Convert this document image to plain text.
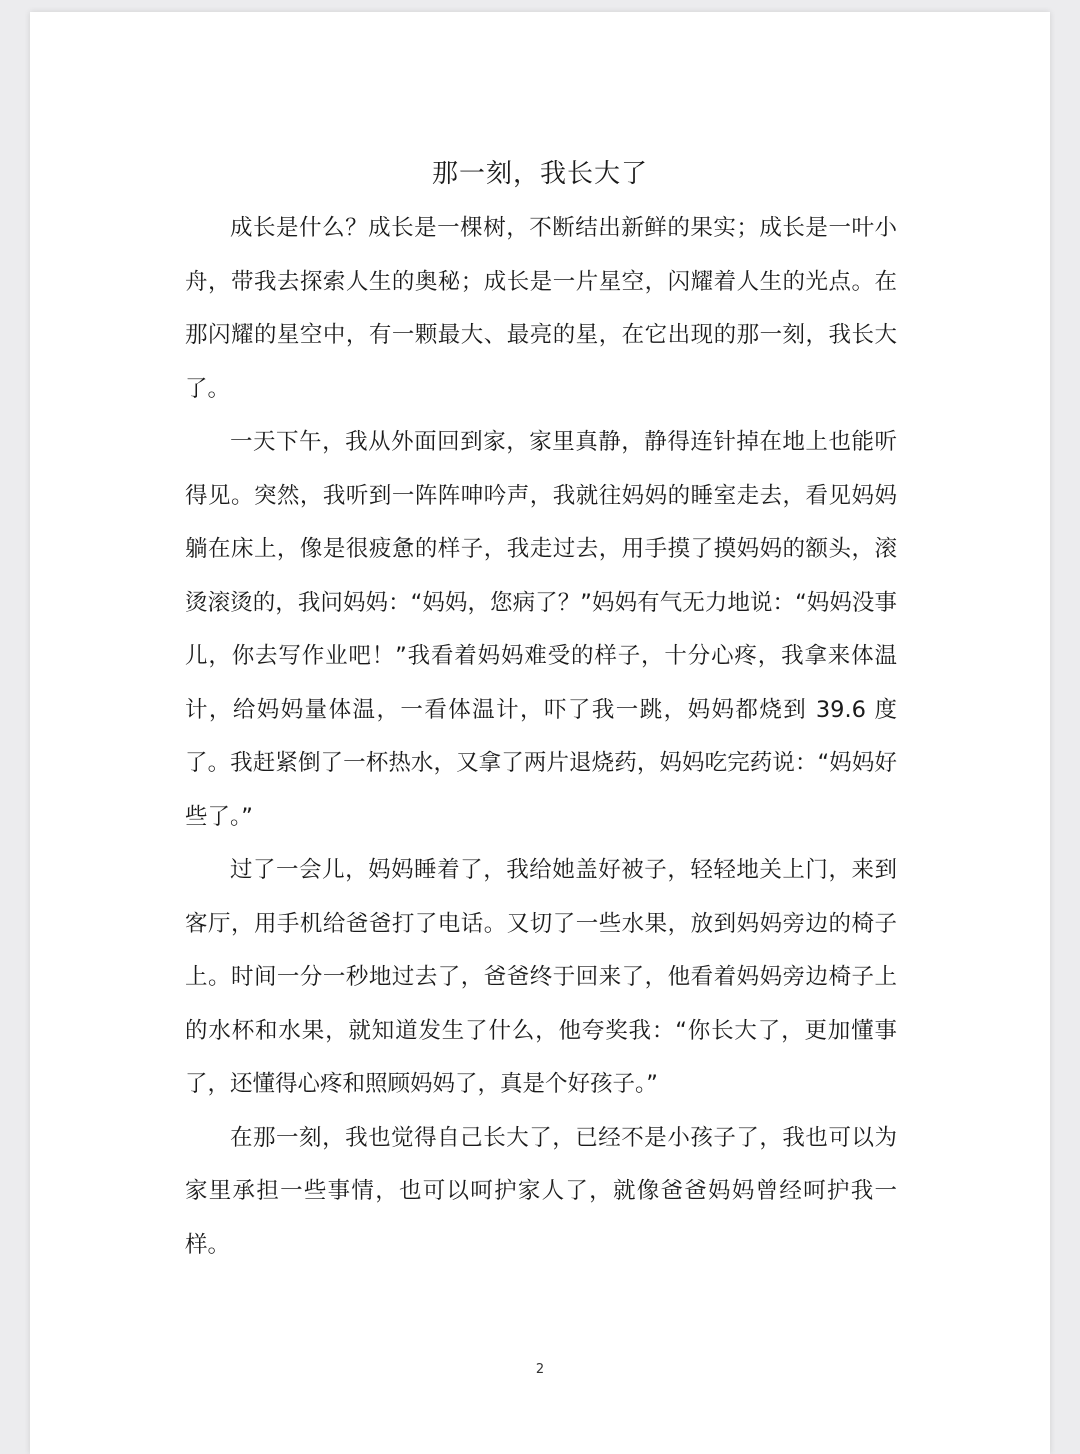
那一刻，我长大了

成长是什么？成长是一棵树，不断结出新鲜的果实；成长是一叶小舟，带我去探索人生的奥秘；成长是一片星空，闪耀着人生的光点。在那闪耀的星空中，有一颗最大、最亮的星，在它出现的那一刻，我长大了。

一天下午，我从外面回到家，家里真静，静得连针掉在地上也能听得见。突然，我听到一阵阵呻吟声，我就往妈妈的睡室走去，看见妈妈躺在床上，像是很疲惫的样子，我走过去，用手摸了摸妈妈的额头，滚烫滚烫的，我问妈妈：“妈妈，您病了？”妈妈有气无力地说：“妈妈没事儿，你去写作业吧！”我看着妈妈难受的样子，十分心疼，我拿来体温计，给妈妈量体温，一看体温计，吓了我一跳，妈妈都烧到 39.6 度了。我赶紧倒了一杯热水，又拿了两片退烧药，妈妈吃完药说：“妈妈好些了。”

过了一会儿，妈妈睡着了，我给她盖好被子，轻轻地关上门，来到客厅，用手机给爸爸打了电话。又切了一些水果，放到妈妈旁边的椅子上。时间一分一秒地过去了，爸爸终于回来了，他看着妈妈旁边椅子上的水杯和水果，就知道发生了什么，他夸奖我：“你长大了，更加懂事了，还懂得心疼和照顾妈妈了，真是个好孩子。”

在那一刻，我也觉得自己长大了，已经不是小孩子了，我也可以为家里承担一些事情，也可以呵护家人了，就像爸爸妈妈曾经呵护我一样。

2
